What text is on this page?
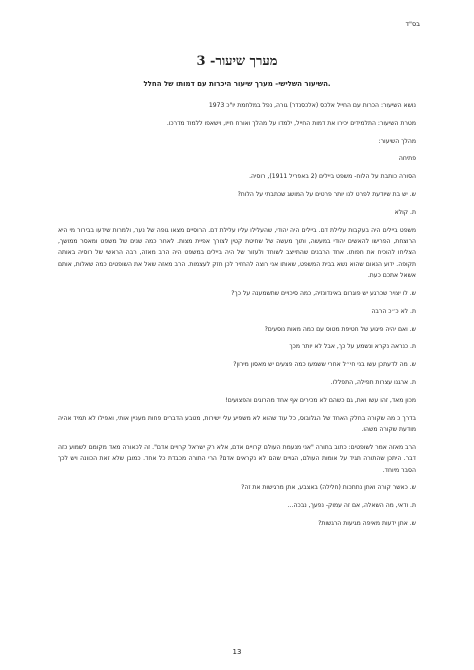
בס"ד
מערך שיעור- 3
השיעור השלישי- מערך שיעור היכרות עם דמותו של החלל.

נושא השיעור: הכרות עם החייל אלכס (אלכסנדר) גורה, נפל במלחמת יו"כ 1973

מטרת השיעור: התלמידים יכירו את דמות החייל, ילמדו על מהלך ואורח חייו, וישאפו ללמוד מדרכו.

מהלך השיעור:

פתיחה

הסורה כותבת על הלוח- משפט ביילים (2 באפריל 1911), רוסיה.

ש. יש בת שיודעת לפרט לנו יותר פרטים על המושג שכתבתי על הלוח?

ת. קולא

משפט ביילים היה בעקבות עלילת דם. ביילים היה יהודי, שהעלילו עליו עלילת דם. הרוסיים מצאו גופה של נער, ולמרות שידעו בבירור מי היא הרוצחת, הפרישו להאשים יהודי במעשה, ותוך מעשה של שחיטת קטין לצורך אפיית מצות. לאחר כמה שנים של משפט ומאסר ממושך, הצליחו להוכיח את חפותו. אחד הרבנים שהתייצב לשוחד ולעזור של היה ביילים במשפט היה הרב מאזה, רבה הראשי של רוסיה באותה תקופה. ידוע הנאום שהוא נשא בבית המשפט, שאותו אני רוצה להחזיר לכן חזק לעצמות. הרב מאזה שאל את השופטים כמה שאלות, אותם אשאל אתכם כעת.

ש. לו יצויר שכרגע יש פוגרום באינדונזיה, כמה סיכויים שתשמענה על כך?

ת. לא כ״כ הרבה

ש. ואם יהיה פיגוע של חטיפת מטוס עם כמה מאות נוסעים?

ת. כנראה נקרא ונשמע על כך, אבל לא יותר מכך

ש. מה לדעתכן עשו בני חי״ל אחרי ששמעו כמה פצעים יש מאסון מירון?

ת. ארגנו עצרות תפילה, התפללו.

מכון מאד, זהו עשו ואת, גם כשהם לא מכירים אף אחד מהרוגים והפצועים!

בדרך כ מה שקורה בחלק האחד של הגלובוס, כל עוד שהוא לא משפיע עלי ישירות, מטבע הדברים פחות מעניין אותי, ואפילו לא תמיד אהיה מודעת שקורה משהו.

הרב מאזה אמר לשופטים: כתוב בתורה "אני מנעמת העולם קרויים אדם, אלא רק ישראל קרויים אדם". זה לכאורה מאד מקומם לשמוע כזה דבר. היתכן שהתורה תגיד על אומות העולם, הגויים שהם לא נקראים אדם? הרי התורה מכבדת כל אחד. כמובן שלא זאת הכוונה ויש לכך הסבר מיוחד.

ש. כאשר קורה ואתן נתתכות (חלילה) באצבע, אתן מרגישות את זה?

ת. ודאי, מה השאלה, אם זה עמוק- נפעך, נבכה...

ש. אתן ידעות מאיפה מגיעות הרגשות?

13
